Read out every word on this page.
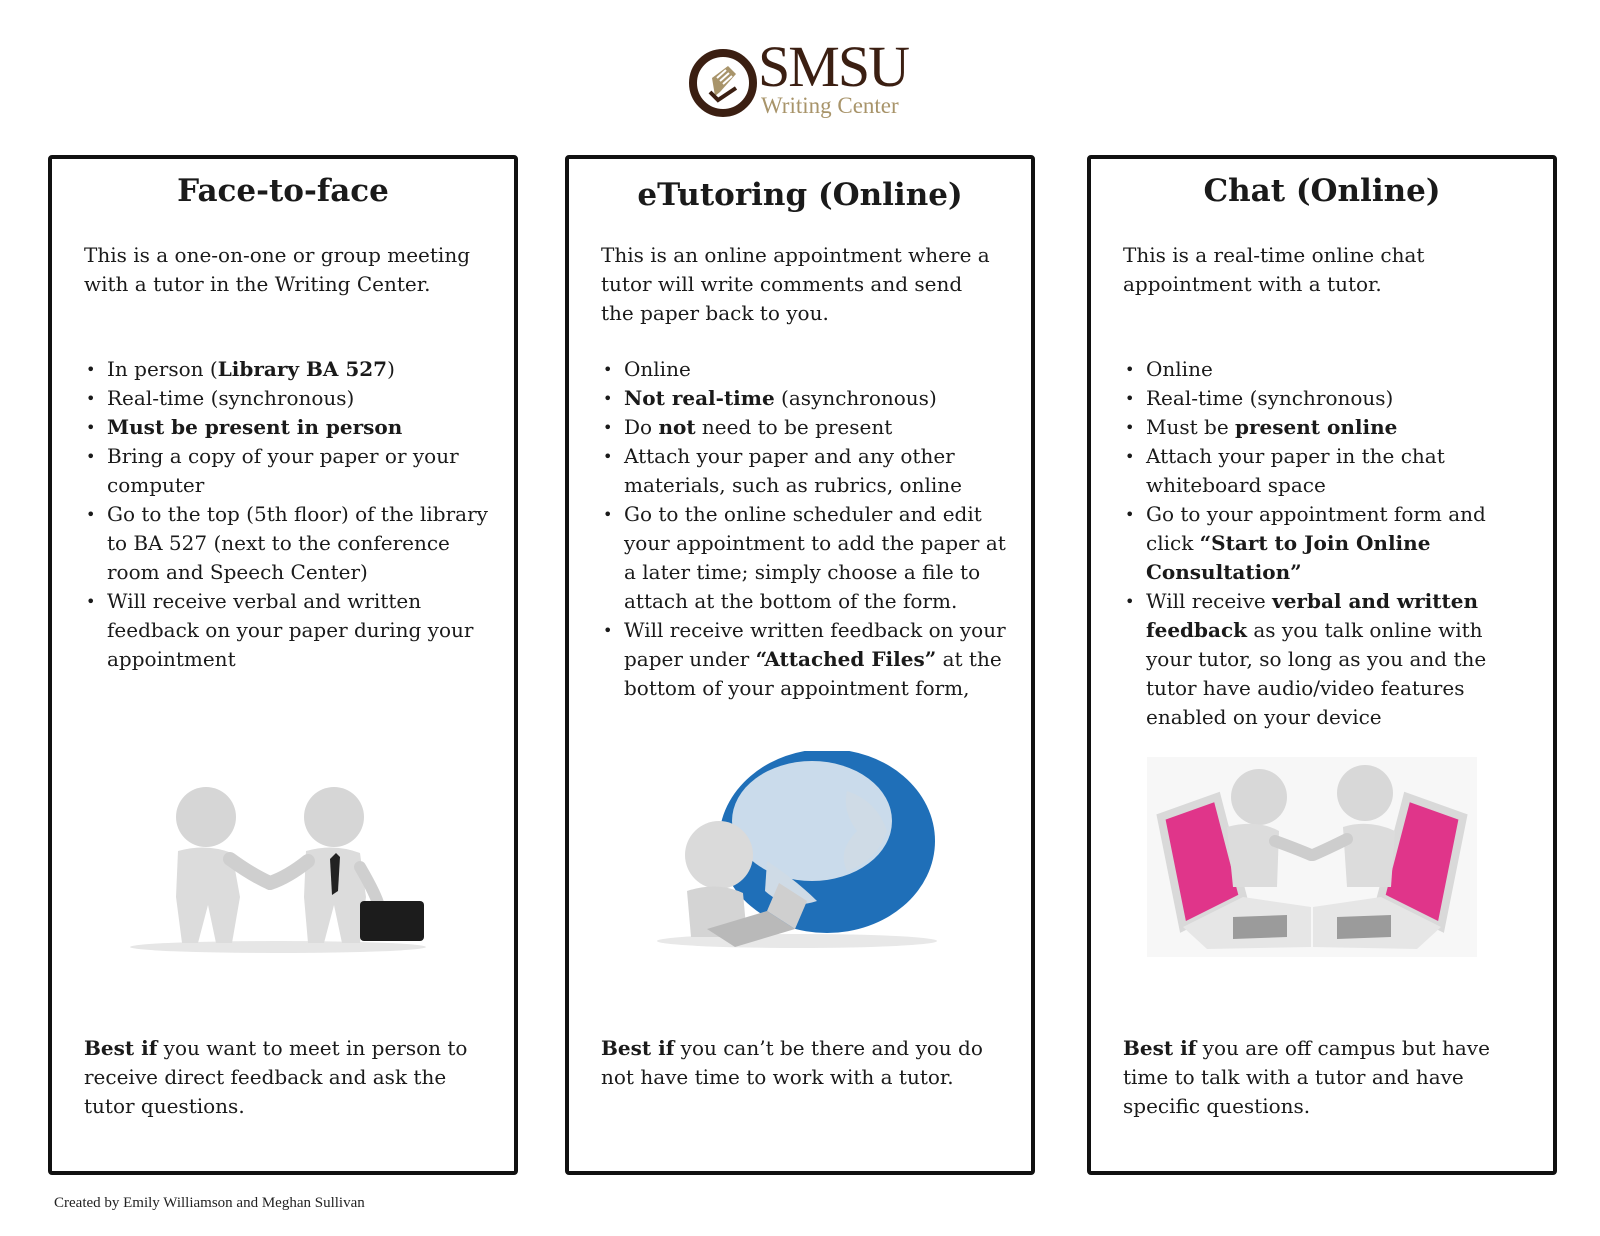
SMSU
Writing Center
Face-to-face
This is a one-on-one or group meeting with a tutor in the Writing Center.
• In person (Library BA 527)
• Real-time (synchronous)
• Must be present in person
• Bring a copy of your paper or your computer
• Go to the top (5th floor) of the library to BA 527 (next to the conference room and Speech Center)
• Will receive verbal and written feedback on your paper during your appointment
Best if you want to meet in person to receive direct feedback and ask the tutor questions.
eTutoring (Online)
This is an online appointment where a tutor will write comments and send the paper back to you.
• Online
• Not real-time (asynchronous)
• Do not need to be present
• Attach your paper and any other materials, such as rubrics, online
• Go to the online scheduler and edit your appointment to add the paper at a later time; simply choose a file to attach at the bottom of the form.
• Will receive written feedback on your paper under “Attached Files” at the bottom of your appointment form,
Best if you can’t be there and you do not have time to work with a tutor.
Chat (Online)
This is a real-time online chat appointment with a tutor.
• Online
• Real-time (synchronous)
• Must be present online
• Attach your paper in the chat whiteboard space
• Go to your appointment form and click “Start to Join Online Consultation”
• Will receive verbal and written feedback as you talk online with your tutor, so long as you and the tutor have audio/video features enabled on your device
Best if you are off campus but have time to talk with a tutor and have specific questions.
Created by Emily Williamson and Meghan Sullivan
